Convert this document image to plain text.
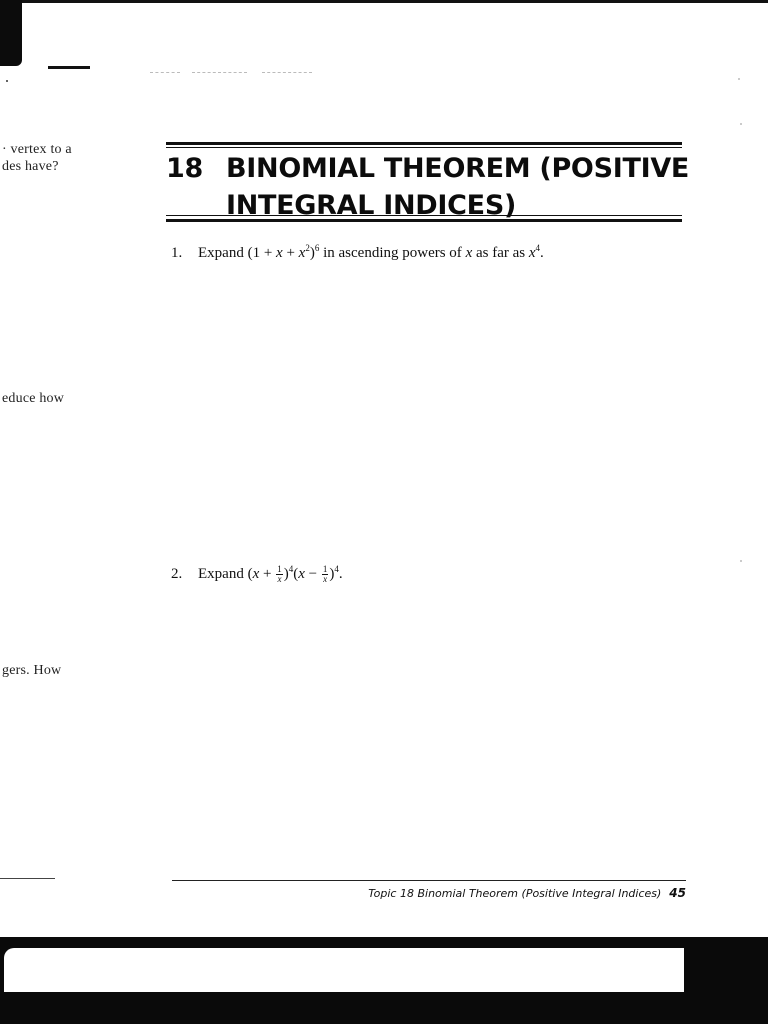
· vertex to a
des have?
educe how
gers. How
18 BINOMIAL THEOREM (POSITIVE
INTEGRAL INDICES)
1. Expand $(1 + x + x^2)^6$ in ascending powers of x as far as $x^4$.
2. Expand $(x + \frac{1}{x} )^4(x - \frac{1}{x} )^4$.
Topic 18 Binomial Theorem (Positive Integral Indices) 45
